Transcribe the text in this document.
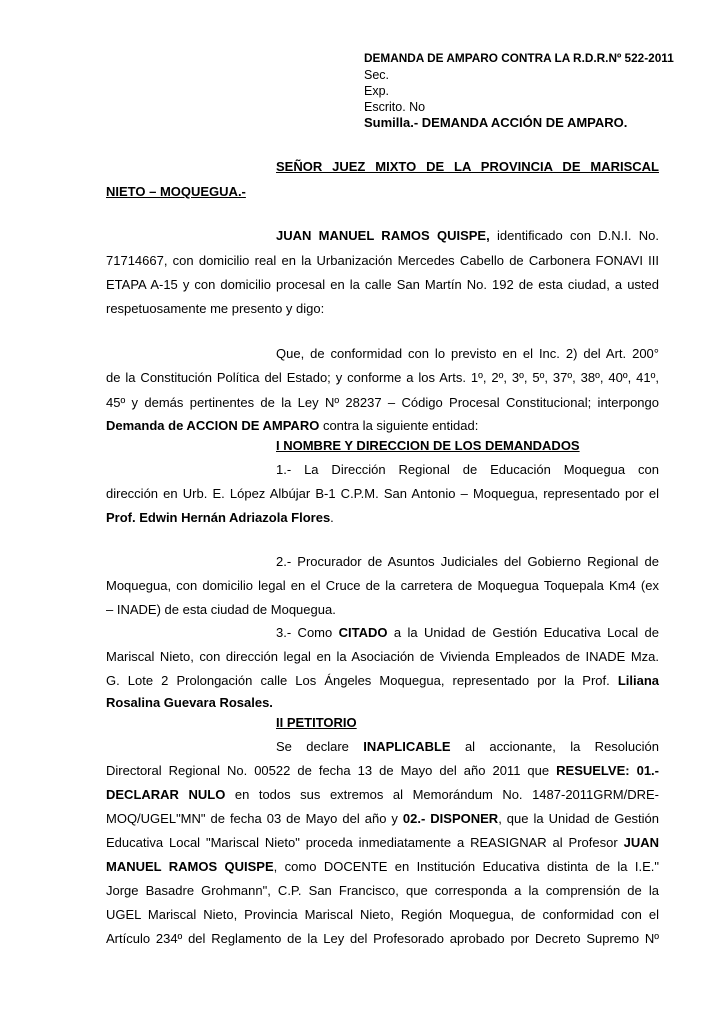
DEMANDA DE AMPARO CONTRA LA R.D.R.Nº 522-2011
Sec.
Exp.
Escrito. No
Sumilla.- DEMANDA ACCIÓN DE AMPARO.
SEÑOR JUEZ MIXTO DE LA PROVINCIA DE MARISCAL
NIETO – MOQUEGUA.-
JUAN MANUEL RAMOS QUISPE, identificado con D.N.I. No.
71714667, con domicilio real en la Urbanización Mercedes Cabello de Carbonera FONAVI III
ETAPA A-15 y con domicilio procesal en la calle San Martín No. 192 de esta ciudad, a usted
respetuosamente me presento y digo:
Que, de conformidad con lo previsto en el Inc. 2) del Art. 200°
de la Constitución Política del Estado; y conforme a los Arts. 1º, 2º, 3º, 5º, 37º, 38º, 40º, 41º,
45º y demás pertinentes de la Ley Nº 28237 – Código Procesal Constitucional; interpongo
Demanda de ACCION DE AMPARO contra la siguiente entidad:
I NOMBRE Y DIRECCION DE LOS DEMANDADOS
1.- La Dirección Regional de Educación Moquegua con
dirección en Urb. E. López Albújar B-1 C.P.M. San Antonio – Moquegua, representado por el
Prof. Edwin Hernán Adriazola Flores.
2.- Procurador de Asuntos Judiciales del Gobierno Regional de
Moquegua, con domicilio legal en el Cruce de la carretera de Moquegua Toquepala Km4 (ex
– INADE) de esta ciudad de Moquegua.
3.- Como CITADO a la Unidad de Gestión Educativa Local de
Mariscal Nieto, con dirección legal en la Asociación de Vivienda Empleados de INADE Mza.
G. Lote 2 Prolongación calle Los Ángeles Moquegua, representado por la Prof. Liliana
Rosalina Guevara Rosales.
II PETITORIO
Se declare INAPLICABLE al accionante, la Resolución
Directoral Regional No. 00522 de fecha 13 de Mayo del año 2011 que RESUELVE: 01.-
DECLARAR NULO en todos sus extremos al Memorándum No. 1487-2011GRM/DRE-
MOQ/UGEL"MN" de fecha 03 de Mayo del año y 02.- DISPONER, que la Unidad de Gestión
Educativa Local "Mariscal Nieto" proceda inmediatamente a REASIGNAR al Profesor JUAN
MANUEL RAMOS QUISPE, como DOCENTE en Institución Educativa distinta de la I.E."
Jorge Basadre Grohmann", C.P. San Francisco, que corresponda a la comprensión de la
UGEL Mariscal Nieto, Provincia Mariscal Nieto, Región Moquegua, de conformidad con el
Artículo 234º del Reglamento de la Ley del Profesorado aprobado por Decreto Supremo Nº
